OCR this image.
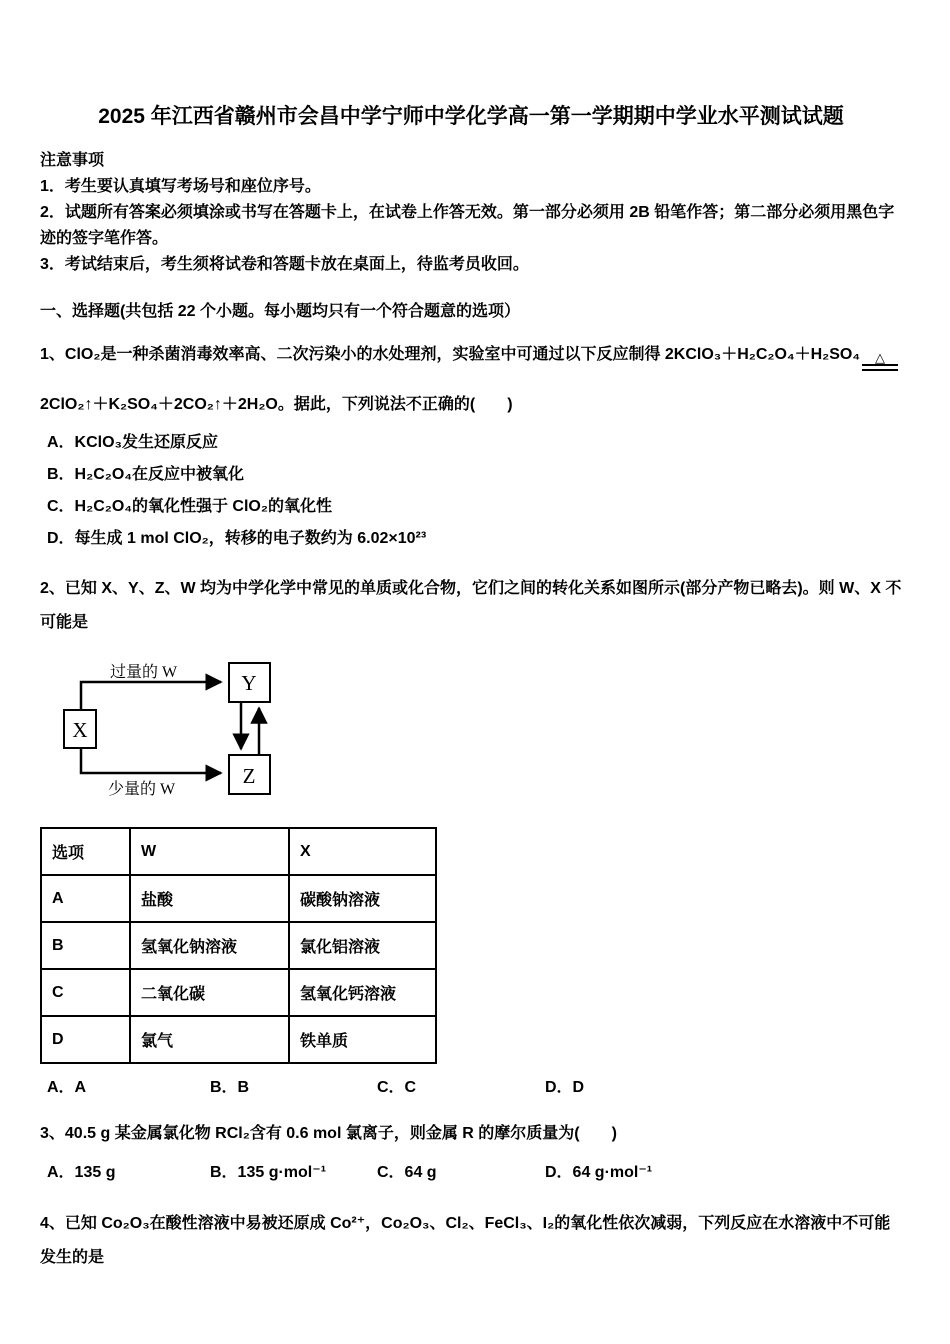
2025 年江西省赣州市会昌中学宁师中学化学高一第一学期期中学业水平测试试题

注意事项

1．考生要认真填写考场号和座位序号。

2．试题所有答案必须填涂或书写在答题卡上，在试卷上作答无效。第一部分必须用 2B 铅笔作答；第二部分必须用黑色字迹的签字笔作答。

3．考试结束后，考生须将试卷和答题卡放在桌面上，待监考员收回。

一、选择题(共包括 22 个小题。每小题均只有一个符合题意的选项）

1、ClO₂是一种杀菌消毒效率高、二次污染小的水处理剂，实验室中可通过以下反应制得 2KClO₃＋H₂C₂O₄＋H₂SO₄ △

2ClO₂↑＋K₂SO₄＋2CO₂↑＋2H₂O。据此，下列说法不正确的(　　)

A．KClO₃发生还原反应

B．H₂C₂O₄在反应中被氧化

C．H₂C₂O₄的氧化性强于 ClO₂的氧化性

D．每生成 1 mol ClO₂，转移的电子数约为 6.02×10²³

2、已知 X、Y、Z、W 均为中学化学中常见的单质或化合物，它们之间的转化关系如图所示(部分产物已略去)。则 W、X 不可能是

X
Y
Z
过量的 W
少量的 W
选项	W	X
A	盐酸	碳酸钠溶液
B	氢氧化钠溶液	氯化铝溶液
C	二氧化碳	氢氧化钙溶液
D	氯气	铁单质
A．A	B．B	C．C	D．D

3、40.5 g 某金属氯化物 RCl₂含有 0.6 mol 氯离子，则金属 R 的摩尔质量为(　　)

A．135 g	B．135 g·mol⁻¹	C．64 g	D．64 g·mol⁻¹

4、已知 Co₂O₃在酸性溶液中易被还原成 Co²⁺，Co₂O₃、Cl₂、FeCl₃、I₂的氧化性依次减弱，下列反应在水溶液中不可能发生的是
